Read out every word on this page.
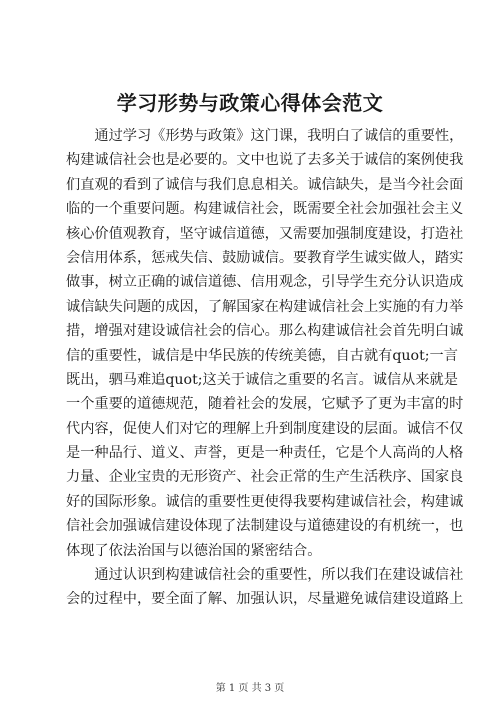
学习形势与政策心得体会范文
　　通过学习《形势与政策》这门课，我明白了诚信的重要性，
构建诚信社会也是必要的。文中也说了去多关于诚信的案例使我
们直观的看到了诚信与我们息息相关。诚信缺失，是当今社会面
临的一个重要问题。构建诚信社会，既需要全社会加强社会主义
核心价值观教育，坚守诚信道德，又需要加强制度建设，打造社
会信用体系，惩戒失信、鼓励诚信。要教育学生诚实做人，踏实
做事，树立正确的诚信道德、信用观念，引导学生充分认识造成
诚信缺失问题的成因，了解国家在构建诚信社会上实施的有力举
措，增强对建设诚信社会的信心。那么构建诚信社会首先明白诚
信的重要性，诚信是中华民族的传统美德，自古就有quot;一言
既出，驷马难追quot;这关于诚信之重要的名言。诚信从来就是
一个重要的道德规范，随着社会的发展，它赋予了更为丰富的时
代内容，促使人们对它的理解上升到制度建设的层面。诚信不仅
是一种品行、道义、声誉，更是一种责任，它是个人高尚的人格
力量、企业宝贵的无形资产、社会正常的生产生活秩序、国家良
好的国际形象。诚信的重要性更使得我要构建诚信社会，构建诚
信社会加强诚信建设体现了法制建设与道德建设的有机统一，也
体现了依法治国与以德治国的紧密结合。
　　通过认识到构建诚信社会的重要性，所以我们在建设诚信社
会的过程中，要全面了解、加强认识，尽量避免诚信建设道路上
第 1 页 共 3 页
